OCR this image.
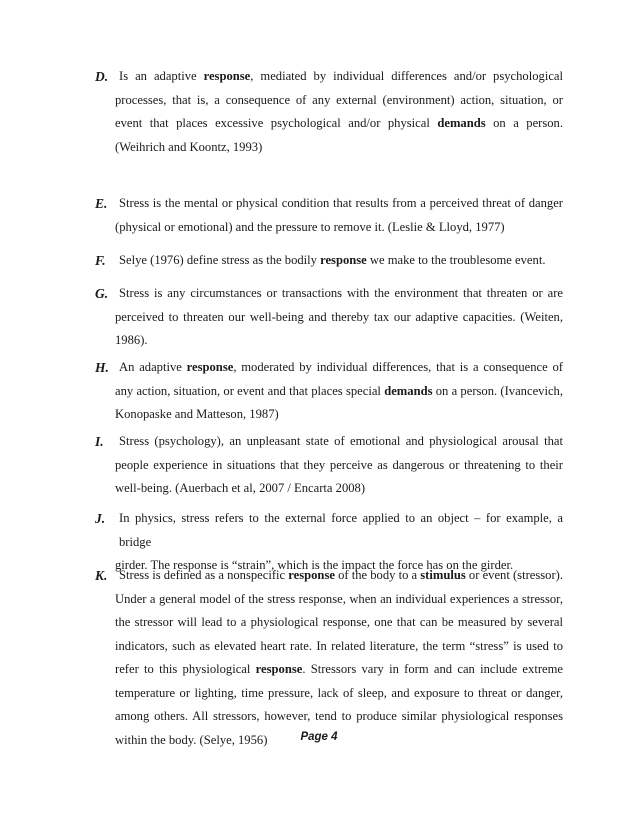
D. Is an adaptive response, mediated by individual differences and/or psychological
processes, that is, a consequence of any external (environment) action, situation, or
event that places excessive psychological and/or physical demands on a person.
(Weihrich and Koontz, 1993)
E. Stress is the mental or physical condition that results from a perceived threat of danger
(physical or emotional) and the pressure to remove it. (Leslie & Lloyd, 1977)
F.	Selye (1976) define stress as the bodily response we make to the troublesome event.
G. Stress is any circumstances or transactions with the environment that threaten or are
perceived to threaten our well-being and thereby tax our adaptive capacities. (Weiten,
1986).
H. An adaptive response, moderated by individual differences, that is a consequence of
any action, situation, or event and that places special demands on a person. (Ivancevich,
Konopaske and Matteson, 1987)
I.	Stress (psychology), an unpleasant state of emotional and physiological arousal that
people experience in situations that they perceive as dangerous or threatening to their
well-being. (Auerbach et al, 2007 / Encarta 2008)
J.	In physics, stress refers to the external force applied to an object – for example, a bridge
girder. The response is “strain”, which is the impact the force has on the girder.
K. Stress is defined as a nonspecific response of the body to a stimulus or event (stressor).
Under a general model of the stress response, when an individual experiences a stressor,
the stressor will lead to a physiological response, one that can be measured by several
indicators, such as elevated heart rate. In related literature, the term “stress” is used to
refer to this physiological response. Stressors vary in form and can include extreme
temperature or lighting, time pressure, lack of sleep, and exposure to threat or danger,
among others. All stressors, however, tend to produce similar physiological responses
within the body. (Selye, 1956)	Page 4
